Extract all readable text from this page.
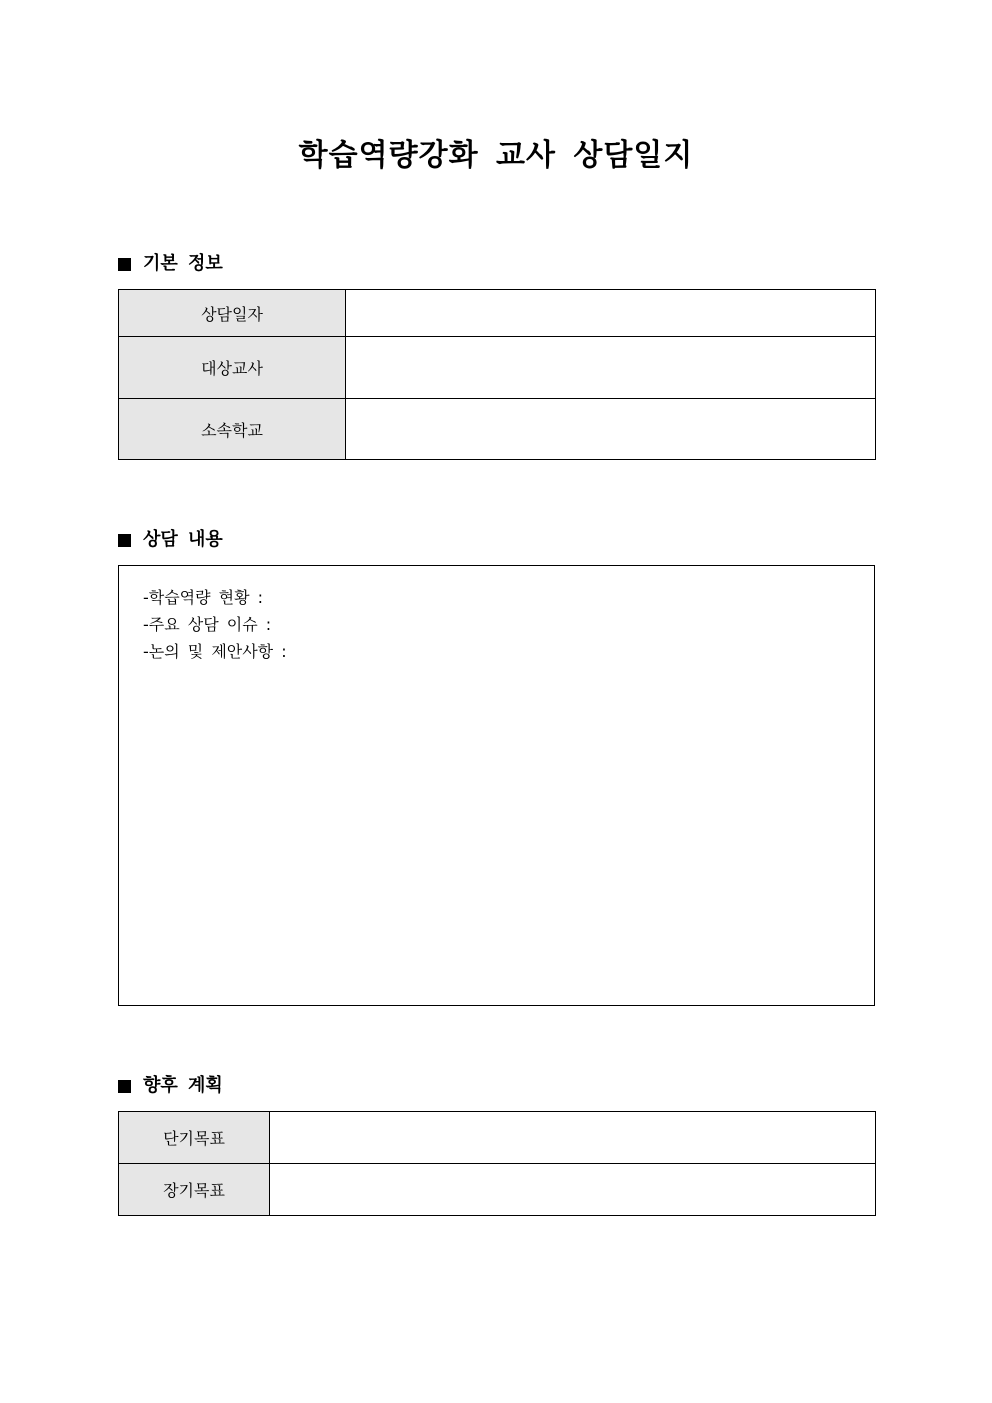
학습역량강화 교사 상담일지
기본 정보
상담일자	
대상교사	
소속학교	
상담 내용
-학습역량 현황 :
-주요 상담 이슈 :
-논의 및 제안사항 :
향후 계획
단기목표	
장기목표	
